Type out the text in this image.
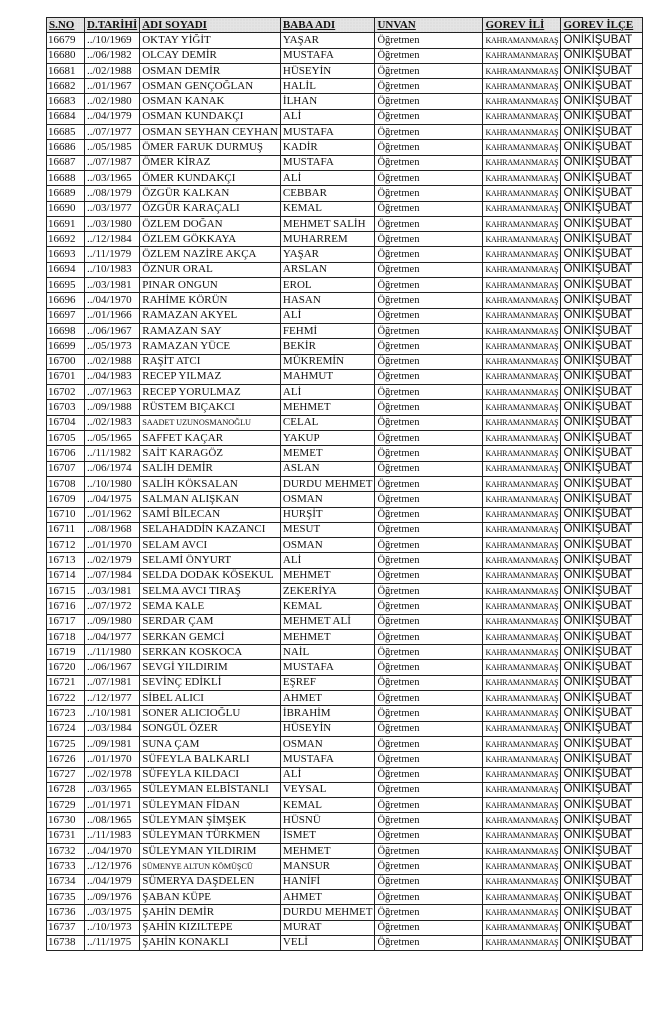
S.NO	D.TARİHİ	ADI SOYADI	BABA ADI	UNVAN	GOREV İLİ	GOREV İLÇE
16679	../10/1969	OKTAY YİĞİT	YAŞAR	Öğretmen	KAHRAMANMARAŞ	ONİKİŞUBAT
16680	../06/1982	OLCAY DEMİR	MUSTAFA	Öğretmen	KAHRAMANMARAŞ	ONİKİŞUBAT
16681	../02/1988	OSMAN DEMİR	HÜSEYİN	Öğretmen	KAHRAMANMARAŞ	ONİKİŞUBAT
16682	../01/1967	OSMAN GENÇOĞLAN	HALİL	Öğretmen	KAHRAMANMARAŞ	ONİKİŞUBAT
16683	../02/1980	OSMAN KANAK	İLHAN	Öğretmen	KAHRAMANMARAŞ	ONİKİŞUBAT
16684	../04/1979	OSMAN KUNDAKÇI	ALİ	Öğretmen	KAHRAMANMARAŞ	ONİKİŞUBAT
16685	../07/1977	OSMAN SEYHAN CEYHAN	MUSTAFA	Öğretmen	KAHRAMANMARAŞ	ONİKİŞUBAT
16686	../05/1985	ÖMER FARUK DURMUŞ	KADİR	Öğretmen	KAHRAMANMARAŞ	ONİKİŞUBAT
16687	../07/1987	ÖMER KİRAZ	MUSTAFA	Öğretmen	KAHRAMANMARAŞ	ONİKİŞUBAT
16688	../03/1965	ÖMER KUNDAKÇI	ALİ	Öğretmen	KAHRAMANMARAŞ	ONİKİŞUBAT
16689	../08/1979	ÖZGÜR KALKAN	CEBBAR	Öğretmen	KAHRAMANMARAŞ	ONİKİŞUBAT
16690	../03/1977	ÖZGÜR KARAÇALI	KEMAL	Öğretmen	KAHRAMANMARAŞ	ONİKİŞUBAT
16691	../03/1980	ÖZLEM DOĞAN	MEHMET SALİH	Öğretmen	KAHRAMANMARAŞ	ONİKİŞUBAT
16692	../12/1984	ÖZLEM GÖKKAYA	MUHARREM	Öğretmen	KAHRAMANMARAŞ	ONİKİŞUBAT
16693	../11/1979	ÖZLEM NAZİRE AKÇA	YAŞAR	Öğretmen	KAHRAMANMARAŞ	ONİKİŞUBAT
16694	../10/1983	ÖZNUR ORAL	ARSLAN	Öğretmen	KAHRAMANMARAŞ	ONİKİŞUBAT
16695	../03/1981	PINAR ONGUN	EROL	Öğretmen	KAHRAMANMARAŞ	ONİKİŞUBAT
16696	../04/1970	RAHİME KÖRÜN	HASAN	Öğretmen	KAHRAMANMARAŞ	ONİKİŞUBAT
16697	../01/1966	RAMAZAN AKYEL	ALİ	Öğretmen	KAHRAMANMARAŞ	ONİKİŞUBAT
16698	../06/1967	RAMAZAN SAY	FEHMİ	Öğretmen	KAHRAMANMARAŞ	ONİKİŞUBAT
16699	../05/1973	RAMAZAN YÜCE	BEKİR	Öğretmen	KAHRAMANMARAŞ	ONİKİŞUBAT
16700	../02/1988	RAŞİT ATCI	MÜKREMİN	Öğretmen	KAHRAMANMARAŞ	ONİKİŞUBAT
16701	../04/1983	RECEP YILMAZ	MAHMUT	Öğretmen	KAHRAMANMARAŞ	ONİKİŞUBAT
16702	../07/1963	RECEP YORULMAZ	ALİ	Öğretmen	KAHRAMANMARAŞ	ONİKİŞUBAT
16703	../09/1988	RÜSTEM BIÇAKCI	MEHMET	Öğretmen	KAHRAMANMARAŞ	ONİKİŞUBAT
16704	../02/1983	SAADET UZUNOSMANOĞLU	CELAL	Öğretmen	KAHRAMANMARAŞ	ONİKİŞUBAT
16705	../05/1965	SAFFET KAÇAR	YAKUP	Öğretmen	KAHRAMANMARAŞ	ONİKİŞUBAT
16706	../11/1982	SAİT KARAGÖZ	MEMET	Öğretmen	KAHRAMANMARAŞ	ONİKİŞUBAT
16707	../06/1974	SALİH DEMİR	ASLAN	Öğretmen	KAHRAMANMARAŞ	ONİKİŞUBAT
16708	../10/1980	SALİH KÖKSALAN	DURDU MEHMET	Öğretmen	KAHRAMANMARAŞ	ONİKİŞUBAT
16709	../04/1975	SALMAN ALIŞKAN	OSMAN	Öğretmen	KAHRAMANMARAŞ	ONİKİŞUBAT
16710	../01/1962	SAMİ BİLECAN	HURŞİT	Öğretmen	KAHRAMANMARAŞ	ONİKİŞUBAT
16711	../08/1968	SELAHADDİN KAZANCI	MESUT	Öğretmen	KAHRAMANMARAŞ	ONİKİŞUBAT
16712	../01/1970	SELAM AVCI	OSMAN	Öğretmen	KAHRAMANMARAŞ	ONİKİŞUBAT
16713	../02/1979	SELAMİ ÖNYURT	ALİ	Öğretmen	KAHRAMANMARAŞ	ONİKİŞUBAT
16714	../07/1984	SELDA DODAK KÖSEKUL	MEHMET	Öğretmen	KAHRAMANMARAŞ	ONİKİŞUBAT
16715	../03/1981	SELMA AVCI TIRAŞ	ZEKERİYA	Öğretmen	KAHRAMANMARAŞ	ONİKİŞUBAT
16716	../07/1972	SEMA KALE	KEMAL	Öğretmen	KAHRAMANMARAŞ	ONİKİŞUBAT
16717	../09/1980	SERDAR ÇAM	MEHMET ALİ	Öğretmen	KAHRAMANMARAŞ	ONİKİŞUBAT
16718	../04/1977	SERKAN GEMCİ	MEHMET	Öğretmen	KAHRAMANMARAŞ	ONİKİŞUBAT
16719	../11/1980	SERKAN KOSKOCA	NAİL	Öğretmen	KAHRAMANMARAŞ	ONİKİŞUBAT
16720	../06/1967	SEVGİ YILDIRIM	MUSTAFA	Öğretmen	KAHRAMANMARAŞ	ONİKİŞUBAT
16721	../07/1981	SEVİNÇ EDİKLİ	EŞREF	Öğretmen	KAHRAMANMARAŞ	ONİKİŞUBAT
16722	../12/1977	SİBEL ALICI	AHMET	Öğretmen	KAHRAMANMARAŞ	ONİKİŞUBAT
16723	../10/1981	SONER ALICIOĞLU	İBRAHİM	Öğretmen	KAHRAMANMARAŞ	ONİKİŞUBAT
16724	../03/1984	SONGÜL ÖZER	HÜSEYİN	Öğretmen	KAHRAMANMARAŞ	ONİKİŞUBAT
16725	../09/1981	SUNA ÇAM	OSMAN	Öğretmen	KAHRAMANMARAŞ	ONİKİŞUBAT
16726	../01/1970	SÜFEYLA BALKARLI	MUSTAFA	Öğretmen	KAHRAMANMARAŞ	ONİKİŞUBAT
16727	../02/1978	SÜFEYLA KILDACI	ALİ	Öğretmen	KAHRAMANMARAŞ	ONİKİŞUBAT
16728	../03/1965	SÜLEYMAN ELBİSTANLI	VEYSAL	Öğretmen	KAHRAMANMARAŞ	ONİKİŞUBAT
16729	../01/1971	SÜLEYMAN FİDAN	KEMAL	Öğretmen	KAHRAMANMARAŞ	ONİKİŞUBAT
16730	../08/1965	SÜLEYMAN ŞİMŞEK	HÜSNÜ	Öğretmen	KAHRAMANMARAŞ	ONİKİŞUBAT
16731	../11/1983	SÜLEYMAN TÜRKMEN	İSMET	Öğretmen	KAHRAMANMARAŞ	ONİKİŞUBAT
16732	../04/1970	SÜLEYMAN YILDIRIM	MEHMET	Öğretmen	KAHRAMANMARAŞ	ONİKİŞUBAT
16733	../12/1976	SÜMENYE ALTUN KÖMÜŞCÜ	MANSUR	Öğretmen	KAHRAMANMARAŞ	ONİKİŞUBAT
16734	../04/1979	SÜMERYA DAŞDELEN	HANİFİ	Öğretmen	KAHRAMANMARAŞ	ONİKİŞUBAT
16735	../09/1976	ŞABAN KÜPE	AHMET	Öğretmen	KAHRAMANMARAŞ	ONİKİŞUBAT
16736	../03/1975	ŞAHİN DEMİR	DURDU MEHMET	Öğretmen	KAHRAMANMARAŞ	ONİKİŞUBAT
16737	../10/1973	ŞAHİN KIZILTEPE	MURAT	Öğretmen	KAHRAMANMARAŞ	ONİKİŞUBAT
16738	../11/1975	ŞAHİN KONAKLI	VELİ	Öğretmen	KAHRAMANMARAŞ	ONİKİŞUBAT
